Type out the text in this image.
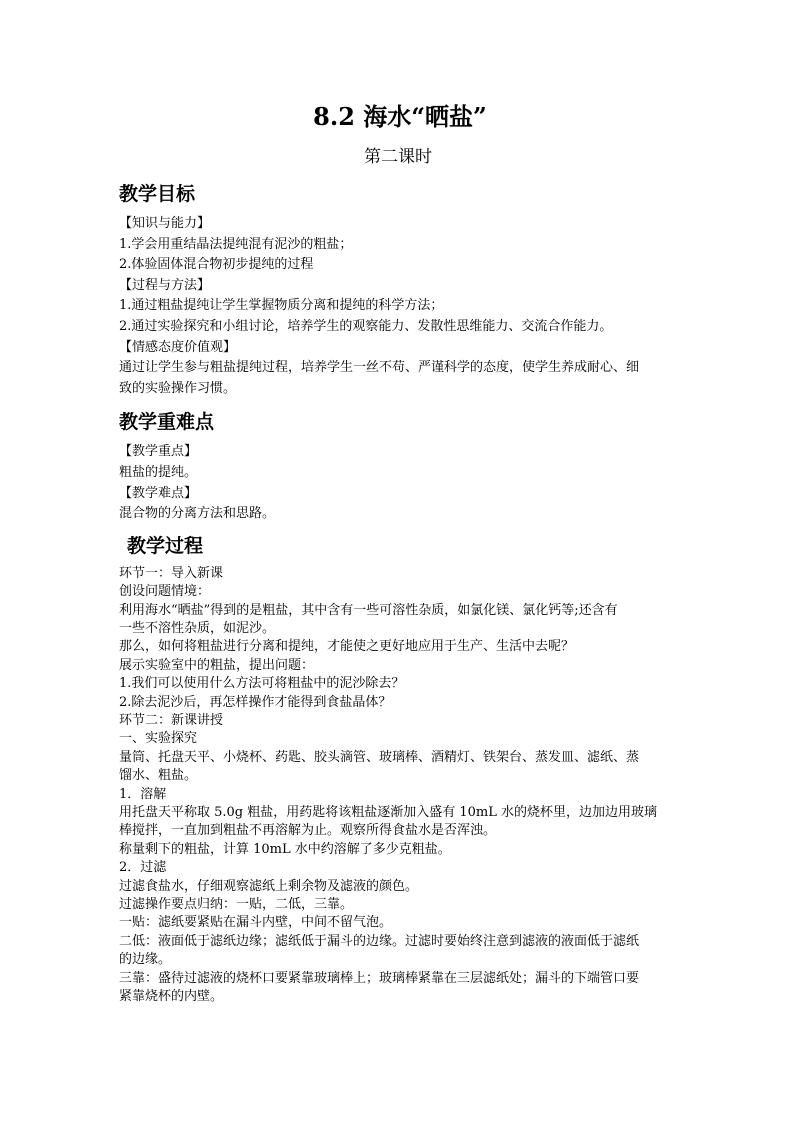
8.2 海水“晒盐”
第二课时
教学目标

【知识与能力】

1.学会用重结晶法提纯混有泥沙的粗盐；

2.体验固体混合物初步提纯的过程

【过程与方法】

1.通过粗盐提纯让学生掌握物质分离和提纯的科学方法；

2.通过实验探究和小组讨论，培养学生的观察能力、发散性思维能力、交流合作能力。

【情感态度价值观】

通过让学生参与粗盐提纯过程，培养学生一丝不苟、严谨科学的态度，使学生养成耐心、细

致的实验操作习惯。

教学重难点

【教学重点】

粗盐的提纯。

【教学难点】

混合物的分离方法和思路。

教学过程

环节一：导入新课

创设问题情境：

利用海水“晒盐”得到的是粗盐，其中含有一些可溶性杂质，如氯化镁、氯化钙等;还含有

一些不溶性杂质，如泥沙。

那么，如何将粗盐进行分离和提纯，才能使之更好地应用于生产、生活中去呢？

展示实验室中的粗盐，提出问题：

1.我们可以使用什么方法可将粗盐中的泥沙除去？

2.除去泥沙后，再怎样操作才能得到食盐晶体？

环节二：新课讲授

一、实验探究

量筒、托盘天平、小烧杯、药匙、胶头滴管、玻璃棒、酒精灯、铁架台、蒸发皿、滤纸、蒸

馏水、粗盐。

1．溶解

用托盘天平称取 5.0g 粗盐，用药匙将该粗盐逐渐加入盛有 10mL 水的烧杯里，边加边用玻璃

棒搅拌，一直加到粗盐不再溶解为止。观察所得食盐水是否浑浊。

称量剩下的粗盐，计算 10mL 水中约溶解了多少克粗盐。

2．过滤

过滤食盐水，仔细观察滤纸上剩余物及滤液的颜色。

过滤操作要点归纳：一贴，二低，三靠。

一贴：滤纸要紧贴在漏斗内壁，中间不留气泡。

二低：液面低于滤纸边缘；滤纸低于漏斗的边缘。过滤时要始终注意到滤液的液面低于滤纸

的边缘。

三靠：盛待过滤液的烧杯口要紧靠玻璃棒上；玻璃棒紧靠在三层滤纸处；漏斗的下端管口要

紧靠烧杯的内壁。
